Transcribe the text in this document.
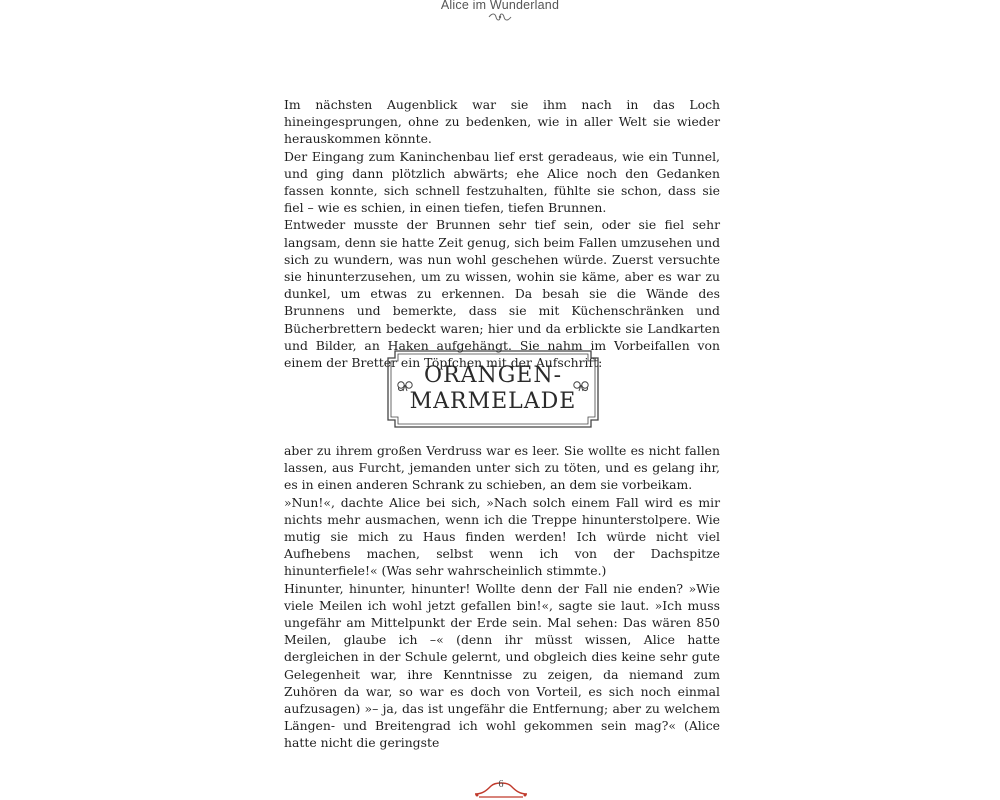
Alice im Wunderland

Im nächsten Augenblick war sie ihm nach in das Loch hineingesprungen, ohne zu bedenken, wie in aller Welt sie wieder herauskommen könnte.

Der Eingang zum Kaninchenbau lief erst geradeaus, wie ein Tunnel, und ging dann plötzlich abwärts; ehe Alice noch den Gedanken fassen konnte, sich schnell festzuhalten, fühlte sie schon, dass sie fiel – wie es schien, in einen tiefen, tiefen Brunnen.

Entweder musste der Brunnen sehr tief sein, oder sie fiel sehr langsam, denn sie hatte Zeit genug, sich beim Fallen umzusehen und sich zu wundern, was nun wohl geschehen würde. Zuerst versuchte sie hinunterzusehen, um zu wissen, wohin sie käme, aber es war zu dunkel, um etwas zu erkennen. Da besah sie die Wände des Brunnens und bemerkte, dass sie mit Küchenschränken und Bücherbrettern bedeckt waren; hier und da erblickte sie Landkarten und Bilder, an Haken aufgehängt. Sie nahm im Vorbeifallen von einem der Bretter ein Töpfchen mit der Aufschrift:

ORANGEN-
MARMELADE

aber zu ihrem großen Verdruss war es leer. Sie wollte es nicht fallen lassen, aus Furcht, jemanden unter sich zu töten, und es gelang ihr, es in einen anderen Schrank zu schieben, an dem sie vorbeikam.

»Nun!«, dachte Alice bei sich, »Nach solch einem Fall wird es mir nichts mehr ausmachen, wenn ich die Treppe hinunterstolpere. Wie mutig sie mich zu Haus finden werden! Ich würde nicht viel Aufhebens machen, selbst wenn ich von der Dachspitze hinunterfiele!« (Was sehr wahrscheinlich stimmte.)

Hinunter, hinunter, hinunter! Wollte denn der Fall nie enden? »Wie viele Meilen ich wohl jetzt gefallen bin!«, sagte sie laut. »Ich muss ungefähr am Mittelpunkt der Erde sein. Mal sehen: Das wären 850 Meilen, glaube ich –« (denn ihr müsst wissen, Alice hatte dergleichen in der Schule gelernt, und obgleich dies keine sehr gute Gelegenheit war, ihre Kenntnisse zu zeigen, da niemand zum Zuhören da war, so war es doch von Vorteil, es sich noch einmal aufzusagen) »– ja, das ist ungefähr die Entfernung; aber zu welchem Längen- und Breitengrad ich wohl gekommen sein mag?« (Alice hatte nicht die geringste

6
